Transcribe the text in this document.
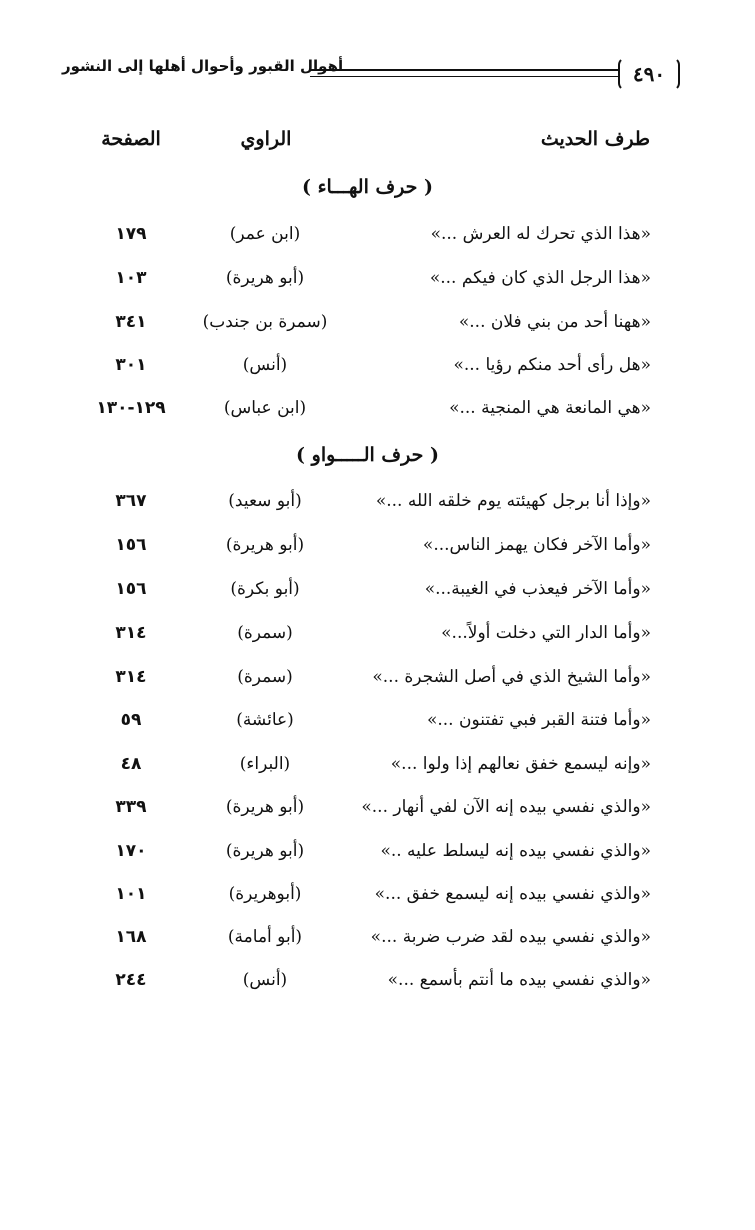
٤٩٠
أهوال القبور وأحوال أهلها إلى النشور
طرف الحديث
الراوي
الصفحة
( حرف الهـــاء )
«هذا الذي تحرك له العرش ...»
(ابن عمر)
١٧٩
«هذا الرجل الذي كان فيكم ...»
(أبو هريرة)
١٠٣
«ههنا أحد من بني فلان ...»
(سمرة بن جندب)
٣٤١
«هل رأى أحد منكم رؤيا ...»
(أنس)
٣٠١
«هي المانعة هي المنجية ...»
(ابن عباس)
١٢٩-١٣٠
( حرف الـــــواو )
«وإذا أنا برجل كهيئته يوم خلقه الله ...»
(أبو سعيد)
٣٦٧
«وأما الآخر فكان يهمز الناس...»
(أبو هريرة)
١٥٦
«وأما الآخر فيعذب في الغيبة...»
(أبو بكرة)
١٥٦
«وأما الدار التي دخلت أولاً...»
(سمرة)
٣١٤
«وأما الشيخ الذي في أصل الشجرة ...»
(سمرة)
٣١٤
«وأما فتنة القبر فبي تفتنون ...»
(عائشة)
٥٩
«وإنه ليسمع خفق نعالهم إذا ولوا ...»
(البراء)
٤٨
«والذي نفسي بيده إنه الآن لفي أنهار ...»
(أبو هريرة)
٣٣٩
«والذي نفسي بيده إنه ليسلط عليه ..»
(أبو هريرة)
١٧٠
«والذي نفسي بيده إنه ليسمع خفق ...»
(أبوهريرة)
١٠١
«والذي نفسي بيده لقد ضرب ضربة ...»
(أبو أمامة)
١٦٨
«والذي نفسي بيده ما أنتم بأسمع ...»
(أنس)
٢٤٤
